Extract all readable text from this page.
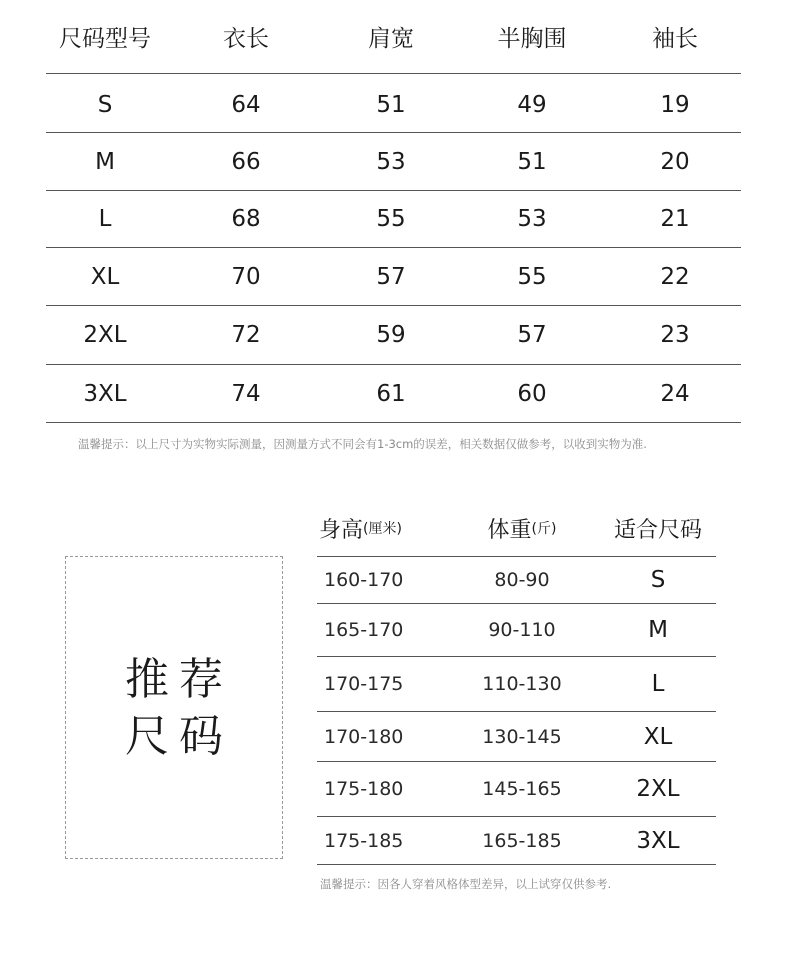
尺码型号	衣长	肩宽	半胸围	袖长
S	64	51	49	19
M	66	53	51	20
L	68	55	53	21
XL	70	57	55	22
2XL	72	59	57	23
3XL	74	61	60	24
温馨提示：以上尺寸为实物实际测量，因测量方式不同会有1-3cm的误差，相关数据仅做参考，以收到实物为准.
推荐
尺码
身高 (厘米)	体重 (斤)	适合尺码
160-170	80-90	S
165-170	90-110	M
170-175	110-130	L
170-180	130-145	XL
175-180	145-165	2XL
175-185	165-185	3XL
温馨提示：因各人穿着风格体型差异，以上试穿仅供参考.
